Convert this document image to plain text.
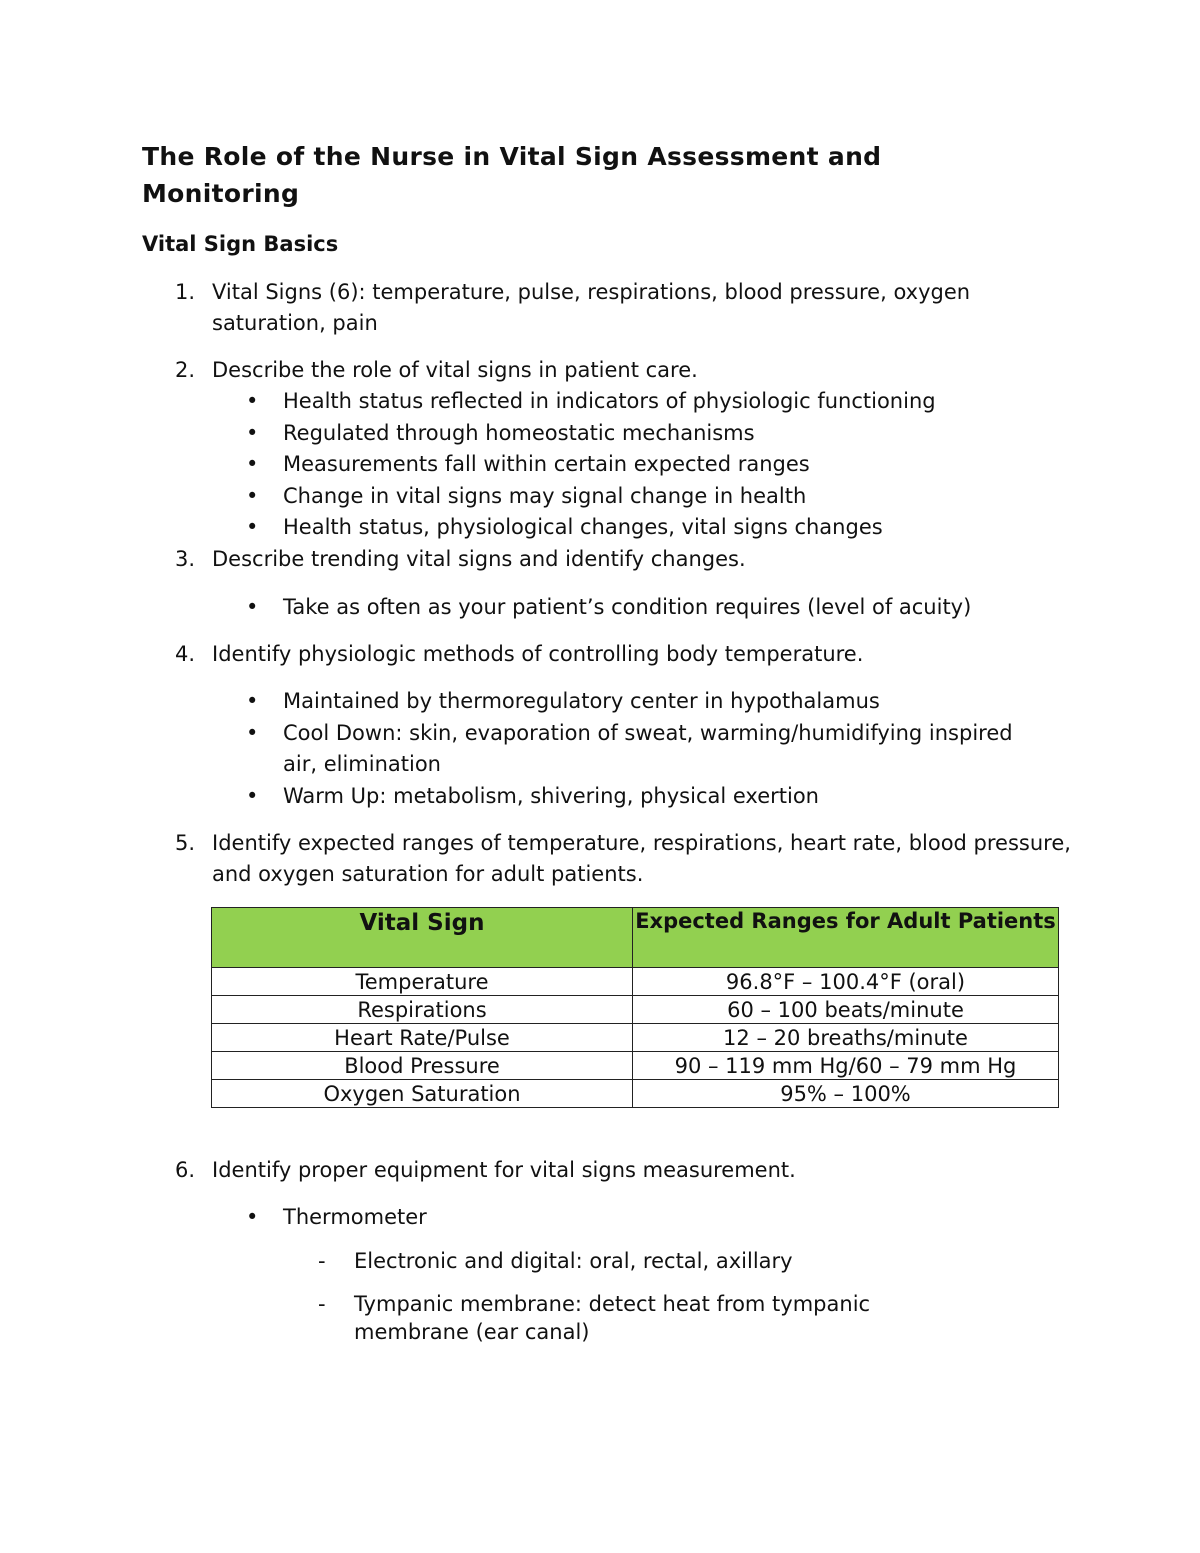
The Role of the Nurse in Vital Sign Assessment and Monitoring
Vital Sign Basics
1. Vital Signs (6): temperature, pulse, respirations, blood pressure, oxygen saturation, pain
2. Describe the role of vital signs in patient care.
•	Health status reflected in indicators of physiologic functioning
•	Regulated through homeostatic mechanisms
•	Measurements fall within certain expected ranges
•	Change in vital signs may signal change in health
•	Health status, physiological changes, vital signs changes
3. Describe trending vital signs and identify changes.
•	Take as often as your patient’s condition requires (level of acuity)
4. Identify physiologic methods of controlling body temperature.
•	Maintained by thermoregulatory center in hypothalamus
•	Cool Down: skin, evaporation of sweat, warming/humidifying inspired air, elimination
•	Warm Up: metabolism, shivering, physical exertion
5. Identify expected ranges of temperature, respirations, heart rate, blood pressure, and oxygen saturation for adult patients.
Vital Sign	Expected Ranges for Adult Patients
Temperature	96.8°F – 100.4°F (oral)
Respirations	60 – 100 beats/minute
Heart Rate/Pulse	12 – 20 breaths/minute
Blood Pressure	90 – 119 mm Hg/60 – 79 mm Hg
Oxygen Saturation	95% – 100%
6. Identify proper equipment for vital signs measurement.
•	Thermometer
- Electronic and digital: oral, rectal, axillary
- Tympanic membrane: detect heat from tympanic membrane (ear canal)
